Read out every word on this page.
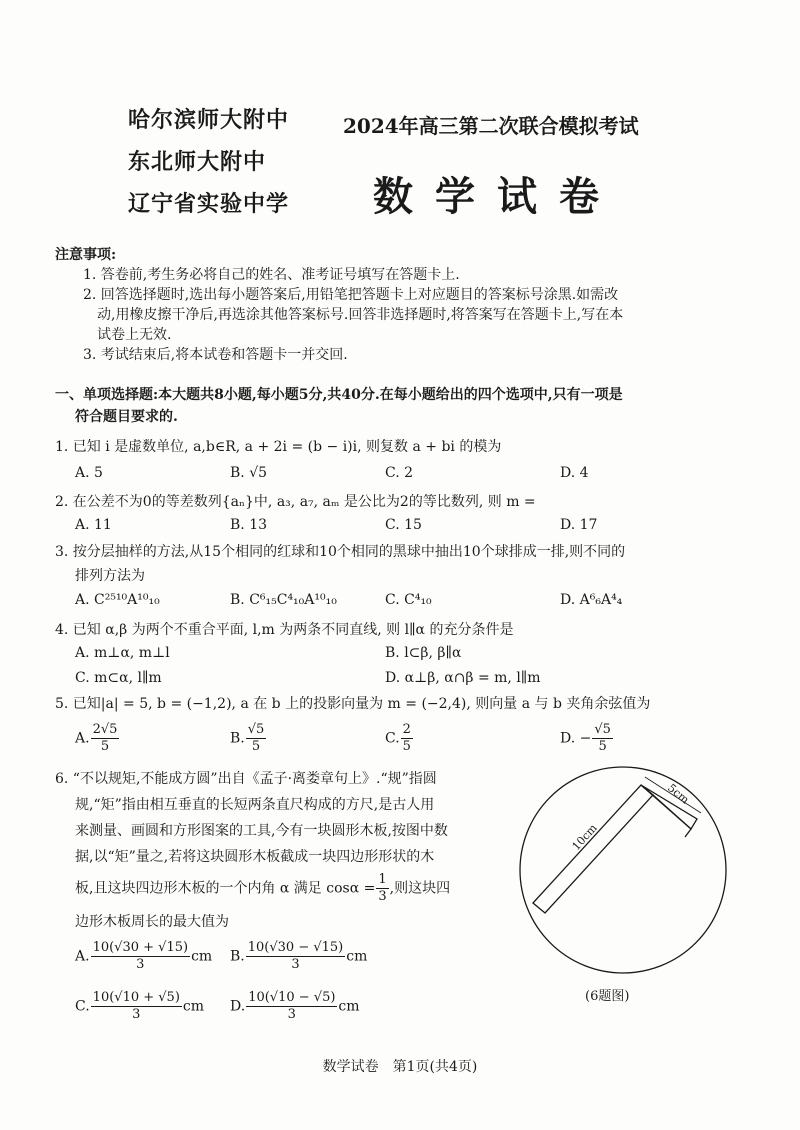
哈尔滨师大附中
东北师大附中
辽宁省实验中学
2024年高三第二次联合模拟考试
数学试卷
注意事项:
1. 答卷前,考生务必将自己的姓名、准考证号填写在答题卡上.
2. 回答选择题时,选出每小题答案后,用铅笔把答题卡上对应题目的答案标号涂黑.如需改
动,用橡皮擦干净后,再选涂其他答案标号.回答非选择题时,将答案写在答题卡上,写在本
试卷上无效.
3. 考试结束后,将本试卷和答题卡一并交回.
一、单项选择题:本大题共8小题,每小题5分,共40分.在每小题给出的四个选项中,只有一项是
符合题目要求的.
1. 已知 i 是虚数单位, a,b∈R, a + 2i = (b − i)i, 则复数 a + bi 的模为
A. 5	B. √5	C. 2	D. 4
2. 在公差不为0的等差数列{aₙ}中, a₃, a₇, aₘ 是公比为2的等比数列, 则 m =
A. 11	B. 13	C. 15	D. 17
3. 按分层抽样的方法,从15个相同的红球和10个相同的黑球中抽出10个球排成一排,则不同的
排列方法为
A. C²⁵¹⁰A¹⁰₁₀	B. C⁶₁₅C⁴₁₀A¹⁰₁₀	C. C⁴₁₀	D. A⁶₆A⁴₄
4. 已知 α,β 为两个不重合平面, l,m 为两条不同直线, 则 l∥α 的充分条件是
A. m⊥α, m⊥l	B. l⊂β, β∥α
C. m⊂α, l∥m	D. α⊥β, α∩β = m, l∥m
5. 已知|a| = 5, b = (−1,2), a 在 b 上的投影向量为 m = (−2,4), 则向量 a 与 b 夹角余弦值为
A. $\frac{2√5}{5}$	B. $\frac{√5}{5}$	C. $\frac{2}{5}$	D. − $\frac{√5}{5}$
6. “不以规矩,不能成方圆”出自《孟子·离娄章句上》.“规”指圆
规,“矩”指由相互垂直的长短两条直尺构成的方尺,是古人用
来测量、画圆和方形图案的工具,今有一块圆形木板,按图中数
据,以“矩”量之,若将这块圆形木板截成一块四边形形状的木
板,且这块四边形木板的一个内角 α 满足 $\cos\alpha = \frac{1}{3}$ ,则这块四
边形木板周长的最大值为
A. $\frac{10(√30 + √15)}{3}$ cm B. $\frac{10(√30 - √15)}{3}$ cm
C. $\frac{10(√10 + √5)}{3}$ cm D. $\frac{10(√10 - √5)}{3}$ cm
10cm
5cm
(6题图)
数学试卷　第1页(共4页)
